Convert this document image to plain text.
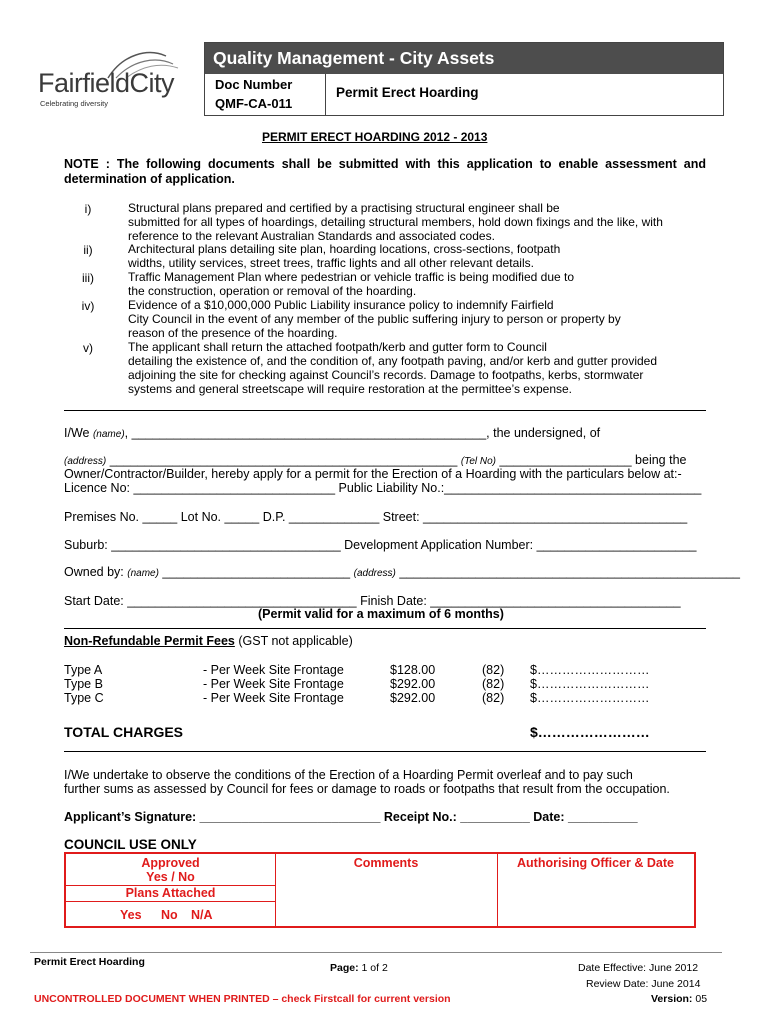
FairfieldCity
Celebrating diversity
Quality Management - City Assets
Doc Number
QMF-CA-011
Permit Erect Hoarding
PERMIT ERECT HOARDING 2012 - 2013
NOTE : The following documents shall be submitted with this application to enable assessment and determination of application.
i)	Structural plans prepared and certified by a practising structural engineer shall be
submitted for all types of hoardings, detailing structural members, hold down fixings and the like, with
reference to the relevant Australian Standards and associated codes.
ii)	Architectural plans detailing site plan, hoarding locations, cross-sections, footpath
widths, utility services, street trees, traffic lights and all other relevant details.
iii)	Traffic Management Plan where pedestrian or vehicle traffic is being modified due to
the construction, operation or removal of the hoarding.
iv)	Evidence of a $10,000,000 Public Liability insurance policy to indemnify Fairfield
City Council in the event of any member of the public suffering injury to person or property by
reason of the presence of the hoarding.
v)	The applicant shall return the attached footpath/kerb and gutter form to Council
detailing the existence of, and the condition of, any footpath paving, and/or kerb and gutter provided
adjoining the site for checking against Council’s records. Damage to footpaths, kerbs, stormwater
systems and general streetscape will require restoration at the permittee’s expense.
I/We (name), ___________________________________________________, the undersigned, of
(address) __________________________________________________ (Tel No) ___________________ being the
Owner/Contractor/Builder, hereby apply for a permit for the Erection of a Hoarding with the particulars below at:-
Licence No: _____________________________ Public Liability No.:_____________________________________
Premises No. _____ Lot No. _____ D.P. _____________ Street: ______________________________________
Suburb: _________________________________ Development Application Number: _______________________
Owned by: (name) ___________________________ (address) _________________________________________________
Start Date: _________________________________ Finish Date: ____________________________________
(Permit valid for a maximum of 6 months)
Non-Refundable Permit Fees (GST not applicable)
Type A	- Per Week Site Frontage	$128.00	(82) $………………………
Type B	- Per Week Site Frontage	$292.00	(82) $………………………
Type C	- Per Week Site Frontage	$292.00	(82) $………………………
TOTAL CHARGES	$……………………
I/We undertake to observe the conditions of the Erection of a Hoarding Permit overleaf and to pay such
further sums as assessed by Council for fees or damage to roads or footpaths that result from the occupation.
Applicant’s Signature: __________________________ Receipt No.: __________ Date: __________
COUNCIL USE ONLY
Approved
Yes / No
Plans Attached
Yes No N/A
Comments	Authorising Officer & Date
Permit Erect Hoarding	Page: 1 of 2	Date Effective: June 2012
Review Date: June 2014
UNCONTROLLED DOCUMENT WHEN PRINTED – check Firstcall for current version	Version: 05
